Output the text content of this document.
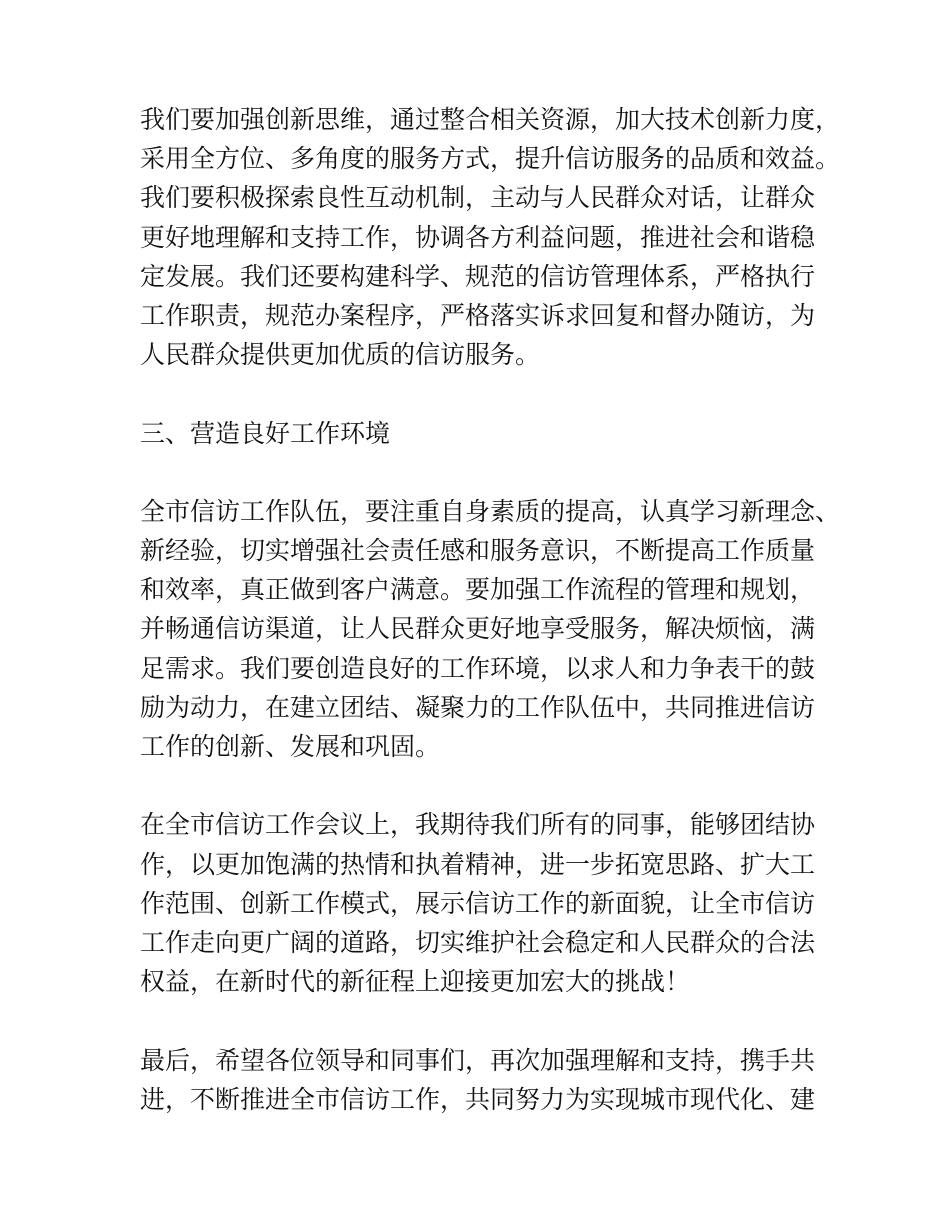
我们要加强创新思维，通过整合相关资源，加大技术创新力度，
采用全方位、多角度的服务方式，提升信访服务的品质和效益。
我们要积极探索良性互动机制，主动与人民群众对话，让群众
更好地理解和支持工作，协调各方利益问题，推进社会和谐稳
定发展。我们还要构建科学、规范的信访管理体系，严格执行
工作职责，规范办案程序，严格落实诉求回复和督办随访，为
人民群众提供更加优质的信访服务。
三、营造良好工作环境
全市信访工作队伍，要注重自身素质的提高，认真学习新理念、
新经验，切实增强社会责任感和服务意识，不断提高工作质量
和效率，真正做到客户满意。要加强工作流程的管理和规划，
并畅通信访渠道，让人民群众更好地享受服务，解决烦恼，满
足需求。我们要创造良好的工作环境，以求人和力争表干的鼓
励为动力，在建立团结、凝聚力的工作队伍中，共同推进信访
工作的创新、发展和巩固。
在全市信访工作会议上，我期待我们所有的同事，能够团结协
作，以更加饱满的热情和执着精神，进一步拓宽思路、扩大工
作范围、创新工作模式，展示信访工作的新面貌，让全市信访
工作走向更广阔的道路，切实维护社会稳定和人民群众的合法
权益，在新时代的新征程上迎接更加宏大的挑战！
最后，希望各位领导和同事们，再次加强理解和支持，携手共
进，不断推进全市信访工作，共同努力为实现城市现代化、建
